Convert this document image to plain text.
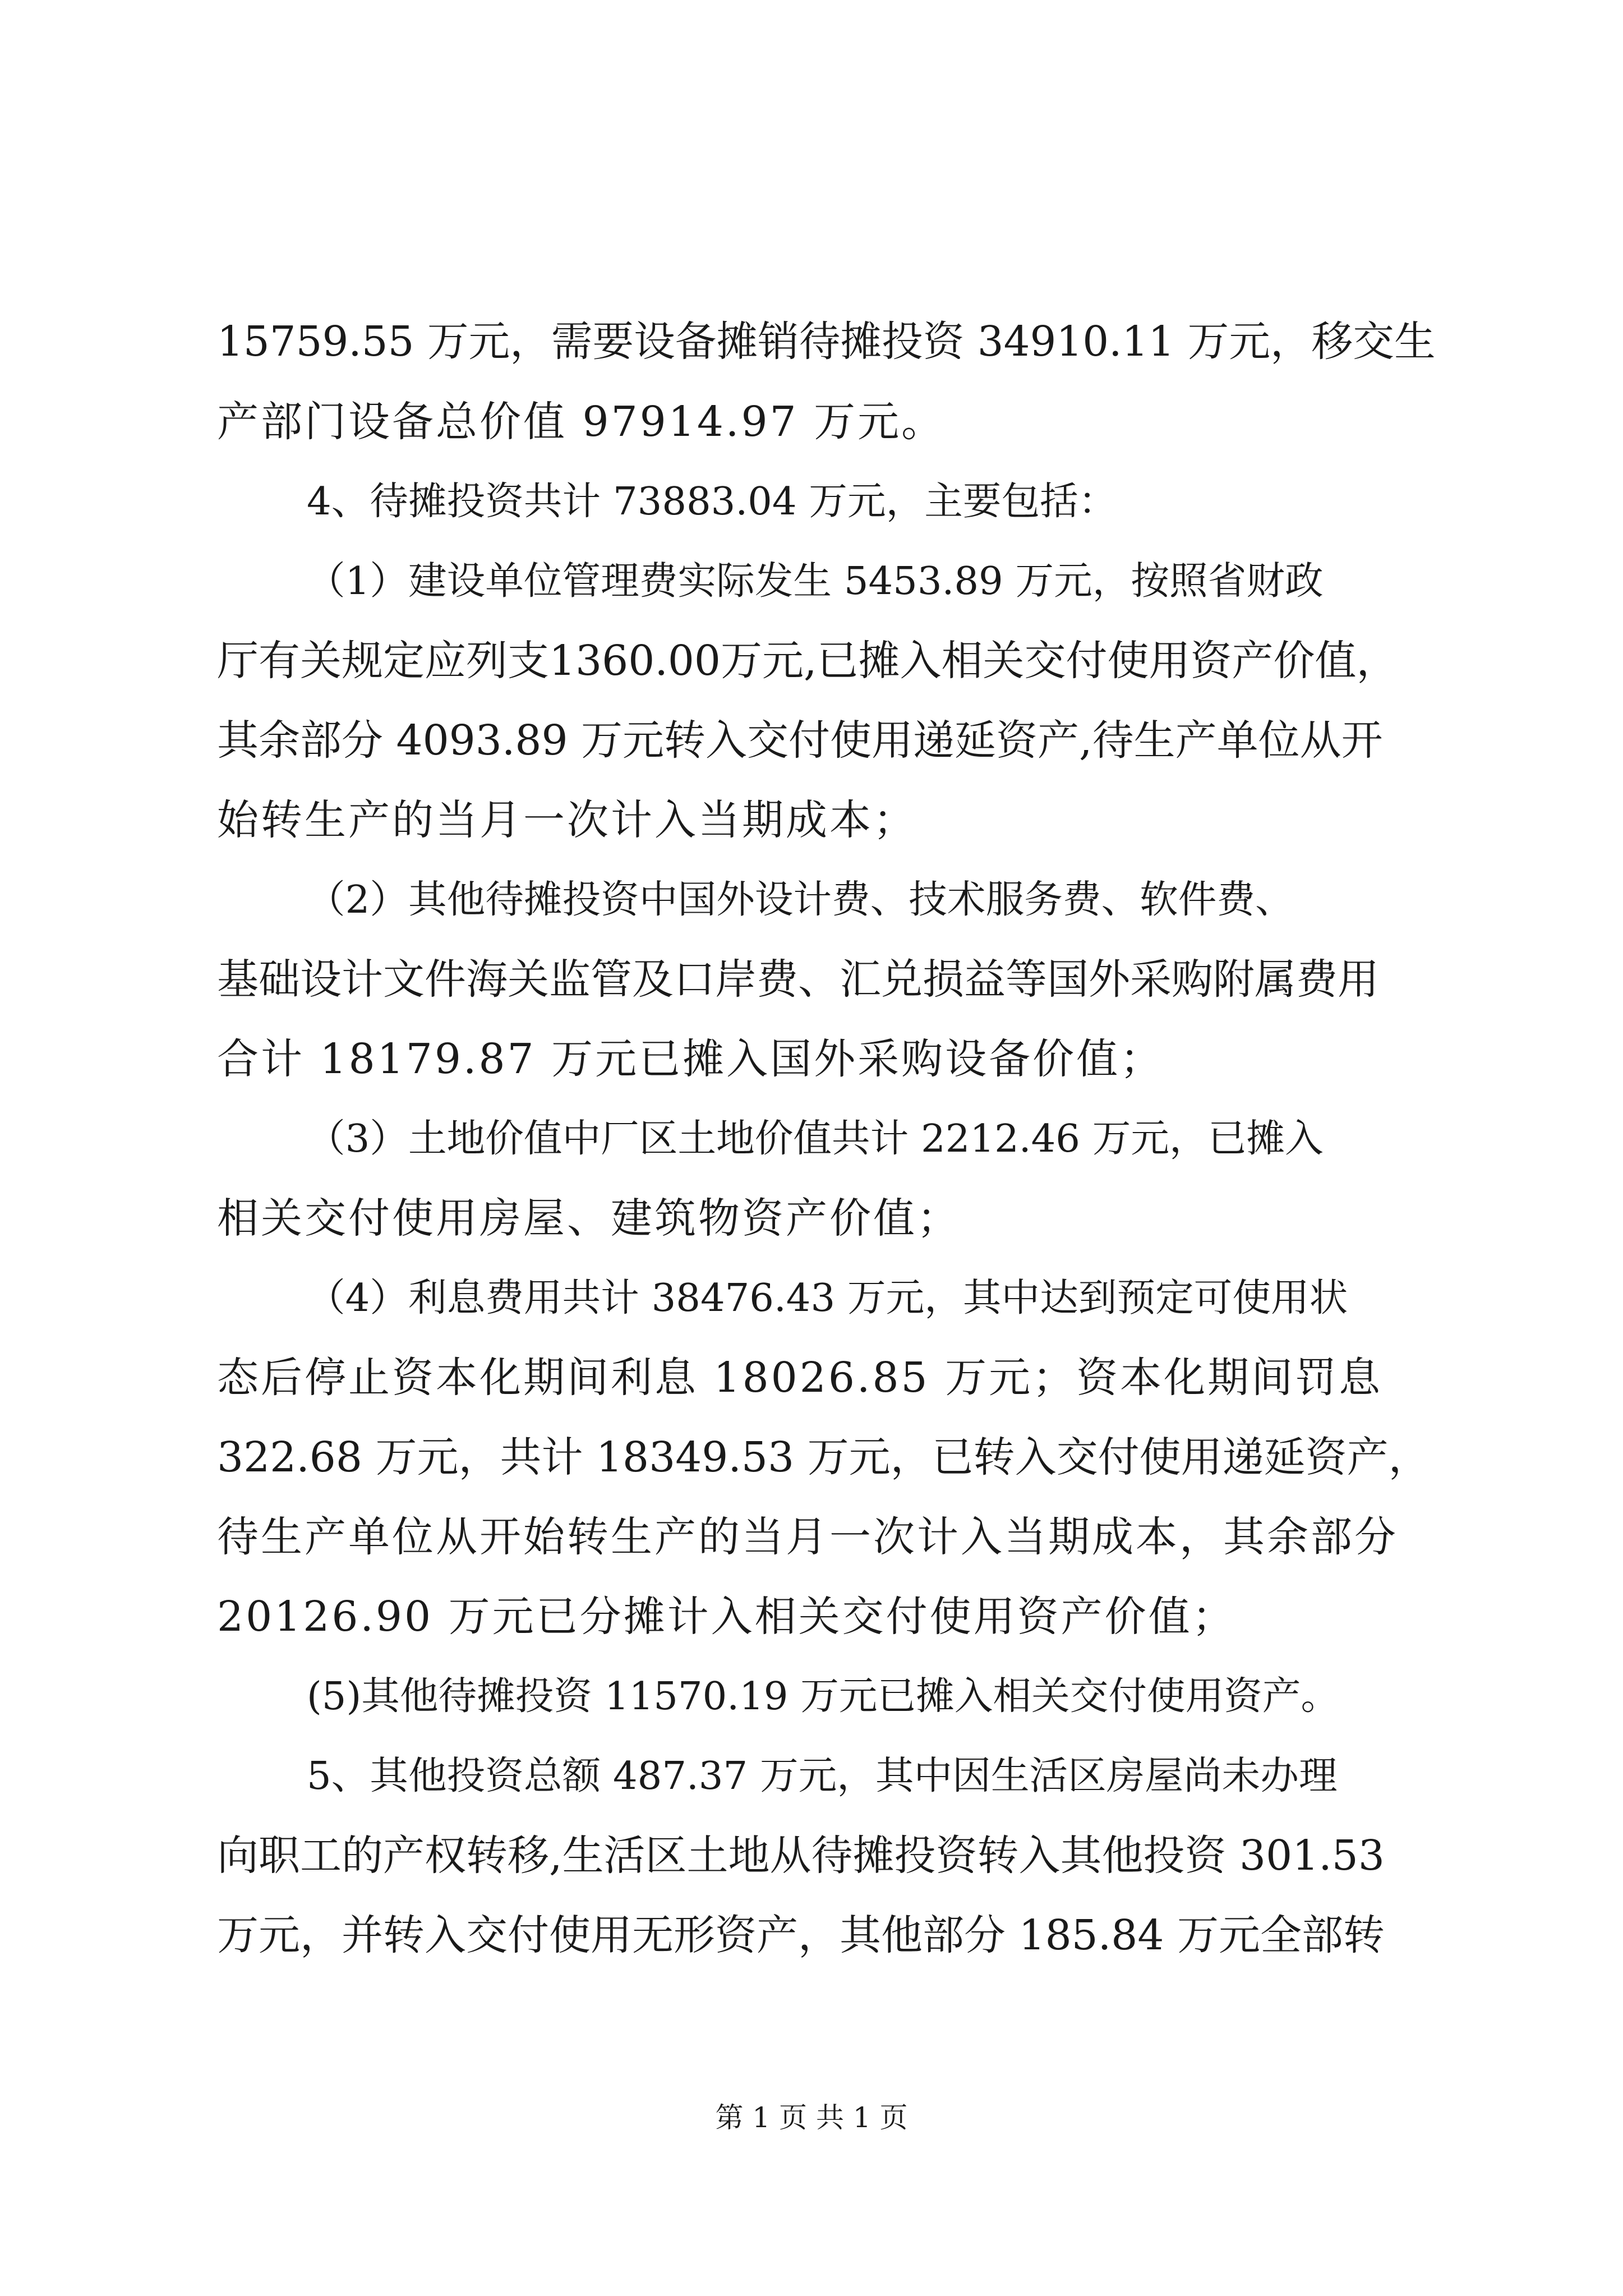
15759.55 万元，需要设备摊销待摊投资 34910.11 万元，移交生
产部门设备总价值 97914.97 万元。
4、待摊投资共计 73883.04 万元，主要包括：
（1）建设单位管理费实际发生 5453.89 万元，按照省财政
厅有关规定应列支1360.00万元,已摊入相关交付使用资产价值，
其余部分 4093.89 万元转入交付使用递延资产,待生产单位从开
始转生产的当月一次计入当期成本；
（2）其他待摊投资中国外设计费、技术服务费、软件费、
基础设计文件海关监管及口岸费、汇兑损益等国外采购附属费用
合计 18179.87 万元已摊入国外采购设备价值；
（3）土地价值中厂区土地价值共计 2212.46 万元，已摊入
相关交付使用房屋、建筑物资产价值；
（4）利息费用共计 38476.43 万元，其中达到预定可使用状
态后停止资本化期间利息 18026.85 万元；资本化期间罚息
322.68 万元，共计 18349.53 万元，已转入交付使用递延资产，
待生产单位从开始转生产的当月一次计入当期成本，其余部分
20126.90 万元已分摊计入相关交付使用资产价值；
(5)其他待摊投资 11570.19 万元已摊入相关交付使用资产。
5、其他投资总额 487.37 万元，其中因生活区房屋尚未办理
向职工的产权转移,生活区土地从待摊投资转入其他投资 301.53
万元，并转入交付使用无形资产，其他部分 185.84 万元全部转
第 1 页 共 1 页
